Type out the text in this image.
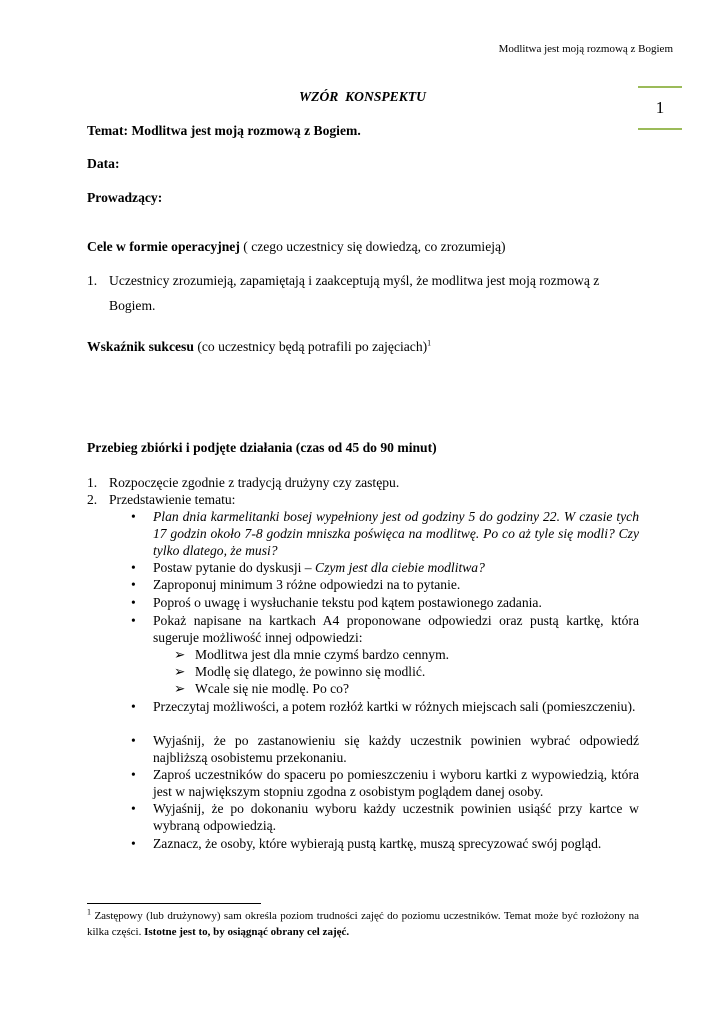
Modlitwa jest moją rozmową z Bogiem
1
WZÓR  KONSPEKTU
Temat: Modlitwa jest moją rozmową z Bogiem.
Data:
Prowadzący:
Cele w formie operacyjnej ( czego uczestnicy się dowiedzą, co zrozumieją)
1. Uczestnicy zrozumieją, zapamiętają i zaakceptują myśl, że modlitwa jest moją rozmową z
Bogiem.
Wskaźnik sukcesu (co uczestnicy będą potrafili po zajęciach)$^1$
Przebieg zbiórki i podjęte działania (czas od 45 do 90 minut)
1. Rozpoczęcie zgodnie z tradycją drużyny czy zastępu.
2. Przedstawienie tematu:
• Plan dnia karmelitanki bosej wypełniony jest od godziny 5 do godziny 22. W czasie tych 17 godzin około 7-8 godzin mniszka poświęca na modlitwę. Po co aż tyle się modli? Czy tylko dlatego, że musi?
• Postaw pytanie do dyskusji – Czym jest dla ciebie modlitwa?
• Zaproponuj minimum 3 różne odpowiedzi na to pytanie.
• Poproś o uwagę i wysłuchanie tekstu pod kątem postawionego zadania.
• Pokaż napisane na kartkach A4 proponowane odpowiedzi oraz pustą kartkę, która sugeruje możliwość innej odpowiedzi:
➢ Modlitwa jest dla mnie czymś bardzo cennym.
➢ Modlę się dlatego, że powinno się modlić.
➢ Wcale się nie modlę. Po co?
• Przeczytaj możliwości, a potem rozłóż kartki w różnych miejscach sali (pomieszczeniu).
• Wyjaśnij, że po zastanowieniu się każdy uczestnik powinien wybrać odpowiedź najbliższą osobistemu przekonaniu.
• Zaproś uczestników do spaceru po pomieszczeniu i wyboru kartki z wypowiedzią, która jest w największym stopniu zgodna z osobistym poglądem danej osoby.
• Wyjaśnij, że po dokonaniu wyboru każdy uczestnik powinien usiąść przy kartce w wybraną odpowiedzią.
• Zaznacz, że osoby, które wybierają pustą kartkę, muszą sprecyzować swój pogląd.
$^1$ Zastępowy (lub drużynowy) sam określa poziom trudności zajęć do poziomu uczestników. Temat może być rozłożony na kilka części. Istotne jest to, by osiągnąć obrany cel zajęć.
